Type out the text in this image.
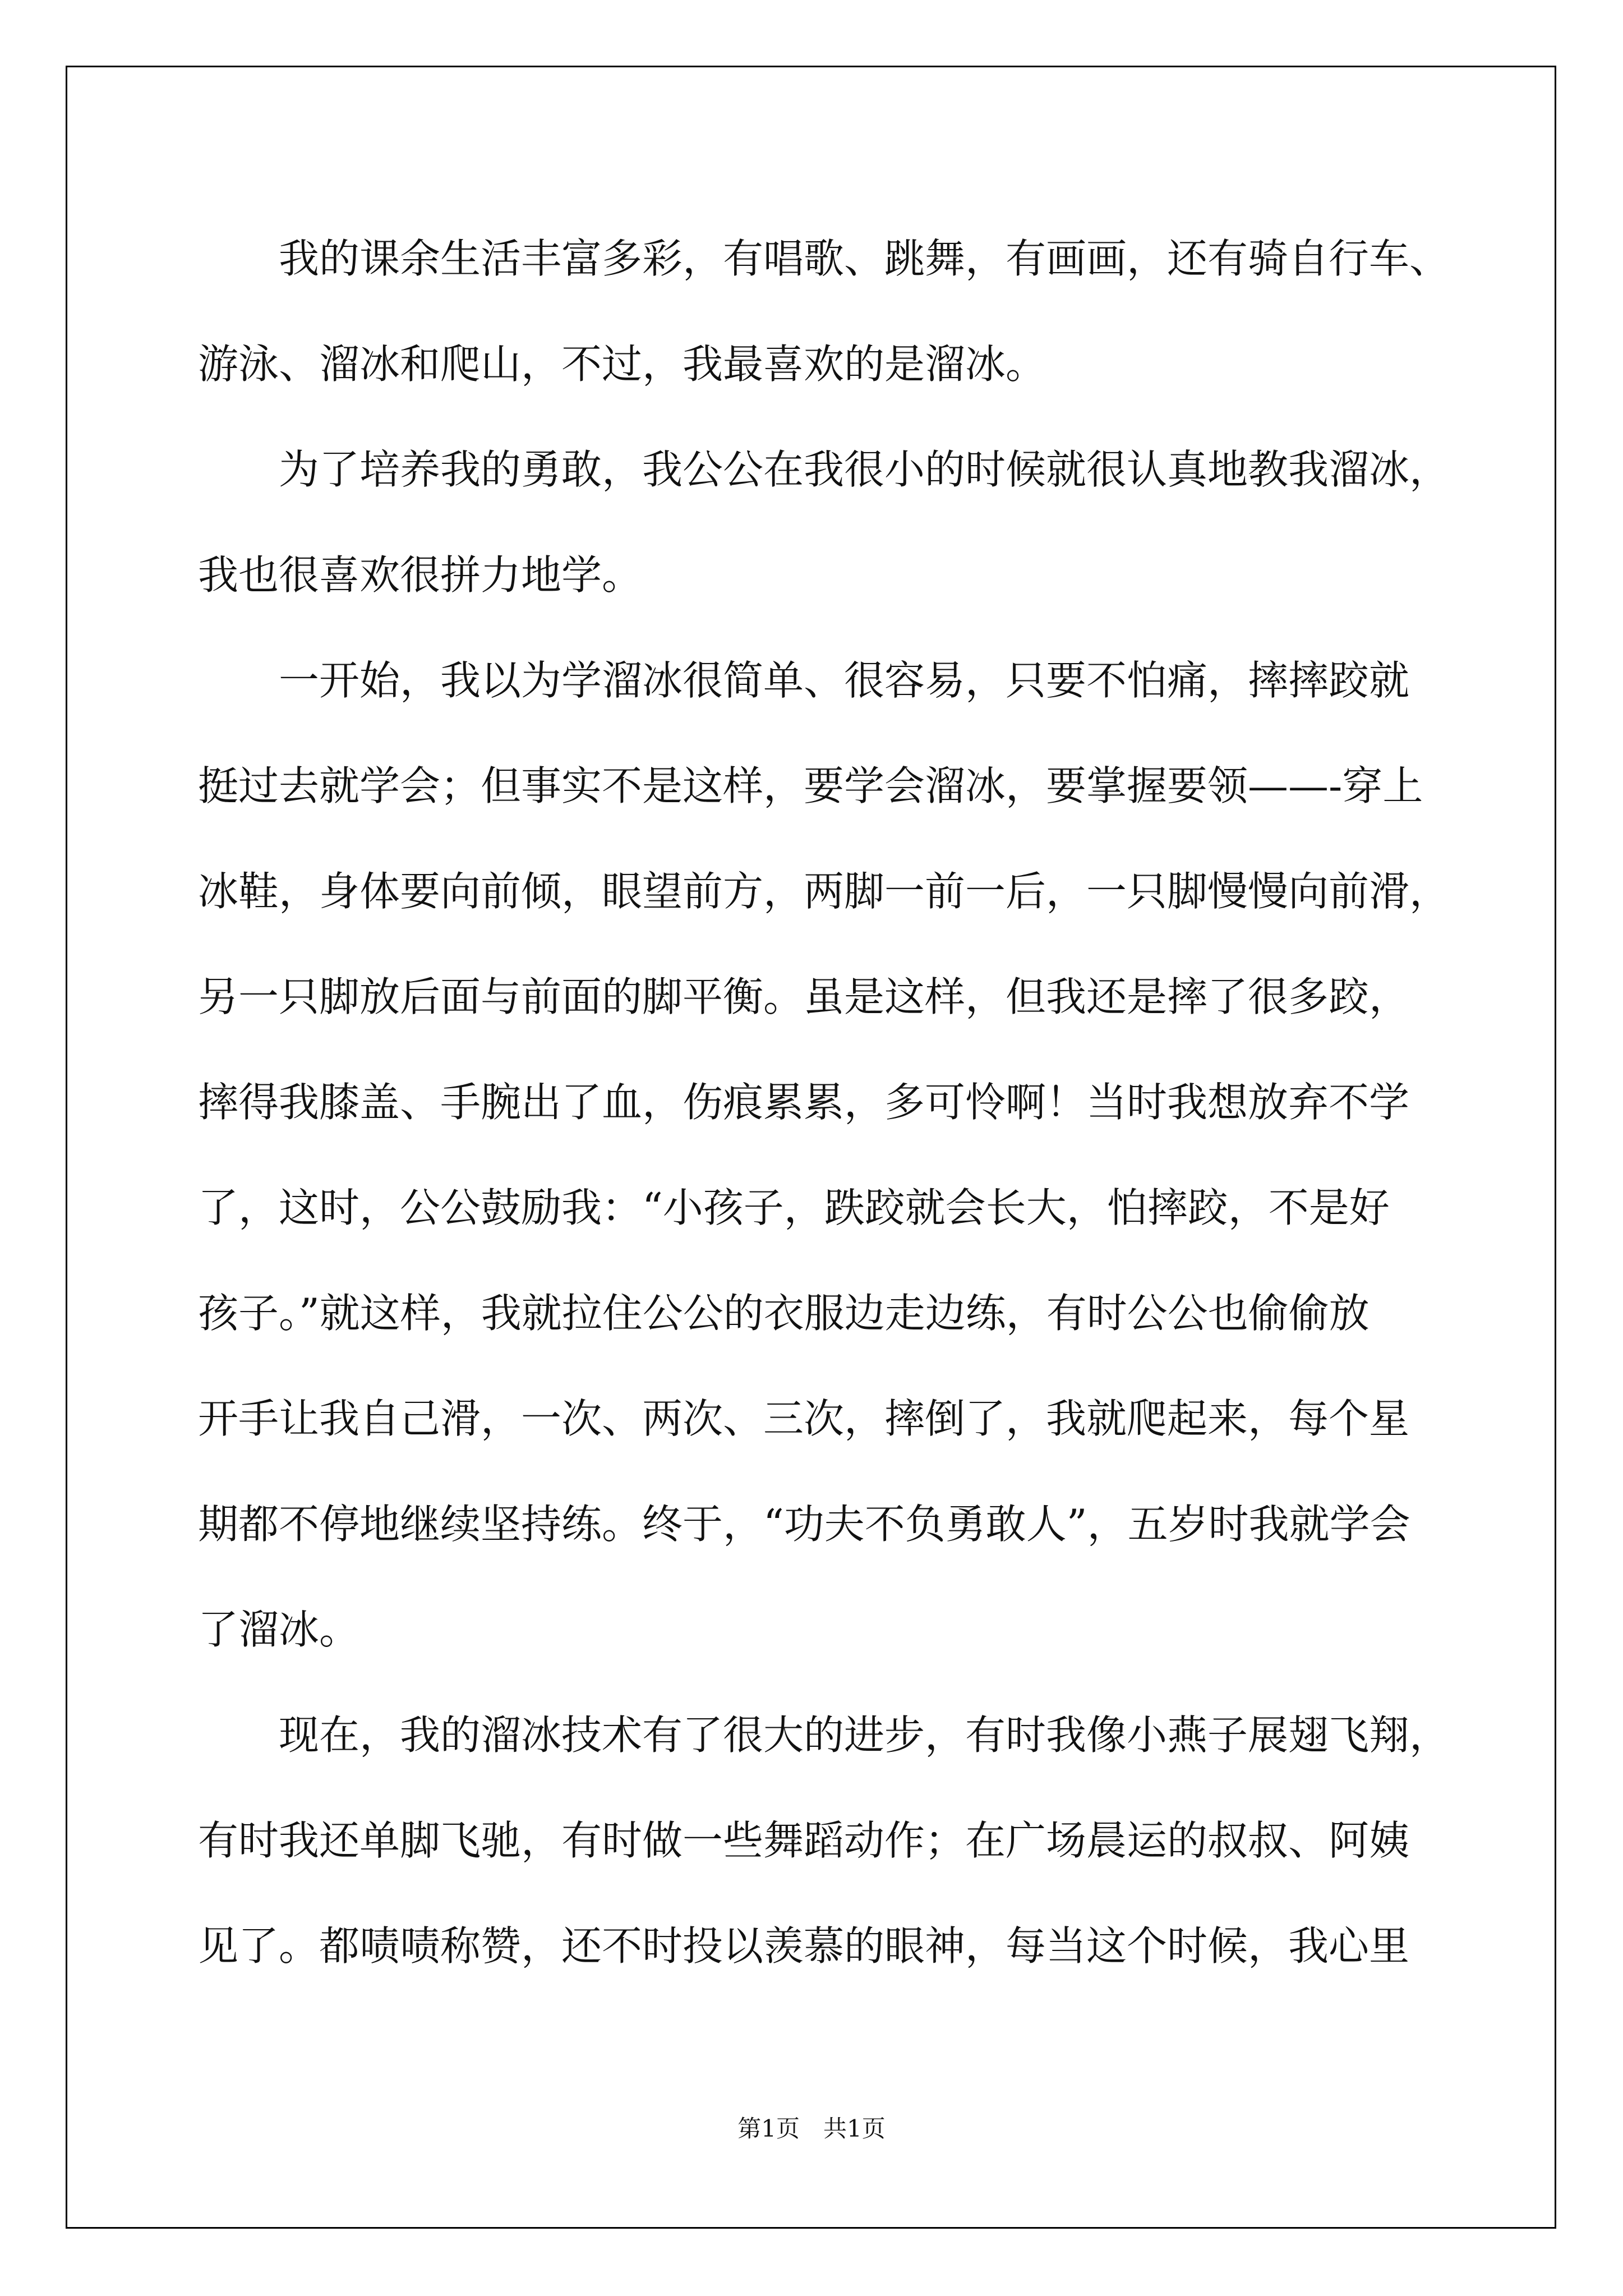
我的课余生活丰富多彩，有唱歌、跳舞，有画画，还有骑自行车、
游泳、溜冰和爬山，不过，我最喜欢的是溜冰。
为了培养我的勇敢，我公公在我很小的时候就很认真地教我溜冰，
我也很喜欢很拼力地学。
一开始，我以为学溜冰很简单、很容易，只要不怕痛，摔摔跤就
挺过去就学会；但事实不是这样，要学会溜冰，要掌握要领——-穿上
冰鞋，身体要向前倾，眼望前方，两脚一前一后，一只脚慢慢向前滑，
另一只脚放后面与前面的脚平衡。虽是这样，但我还是摔了很多跤，
摔得我膝盖、手腕出了血，伤痕累累，多可怜啊！当时我想放弃不学
了，这时，公公鼓励我：“小孩子，跌跤就会长大，怕摔跤，不是好
孩子。”就这样，我就拉住公公的衣服边走边练，有时公公也偷偷放
开手让我自己滑，一次、两次、三次，摔倒了，我就爬起来，每个星
期都不停地继续坚持练。终于，“功夫不负勇敢人”，五岁时我就学会
了溜冰。
现在，我的溜冰技术有了很大的进步，有时我像小燕子展翅飞翔，
有时我还单脚飞驰，有时做一些舞蹈动作；在广场晨运的叔叔、阿姨
见了。都啧啧称赞，还不时投以羡慕的眼神，每当这个时候，我心里
第1页 共1页
